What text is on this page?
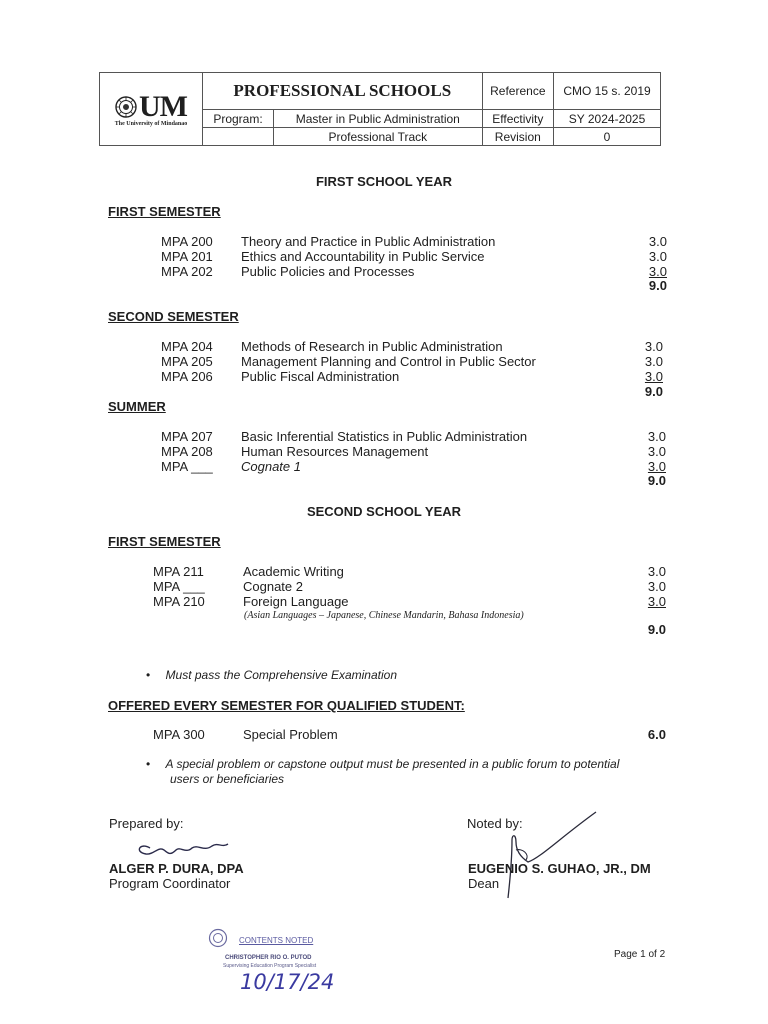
UM
The University of Mindanao	PROFESSIONAL SCHOOLS		Reference	CMO 15 s. 2019
	Program:	Master in Public Administration	Effectivity	SY 2024-2025
		Professional Track	Revision	0
FIRST SCHOOL YEAR
FIRST SEMESTER
MPA 200 Theory and Practice in Public Administration	3.0
MPA 201 Ethics and Accountability in Public Service	3.0
MPA 202 Public Policies and Processes	3.0
9.0
SECOND SEMESTER
MPA 204 Methods of Research in Public Administration	3.0
MPA 205 Management Planning and Control in Public Sector	3.0
MPA 206 Public Fiscal Administration	3.0
9.0
SUMMER
MPA 207 Basic Inferential Statistics in Public Administration	3.0
MPA 208 Human Resources Management	3.0
MPA ___ Cognate 1	3.0
9.0
SECOND SCHOOL YEAR
FIRST SEMESTER
MPA 211	Academic Writing	3.0
MPA ___	Cognate 2	3.0
MPA 210	Foreign Language	3.0
(Asian Languages – Japanese, Chinese Mandarin, Bahasa Indonesia)
9.0
• Must pass the Comprehensive Examination
OFFERED EVERY SEMESTER FOR QUALIFIED STUDENT:
MPA 300	Special Problem	6.0
• A special problem or capstone output must be presented in a public forum to potential
users or beneficiaries
Prepared by:
ALGER P. DURA, DPA
Program Coordinator
Noted by:
EUGENIO S. GUHAO, JR., DM
Dean
CONTENTS NOTED
CHRISTOPHER RIO O. PUTOD
Supervising Education Program Specialist
10/17/24
Page 1 of 2
